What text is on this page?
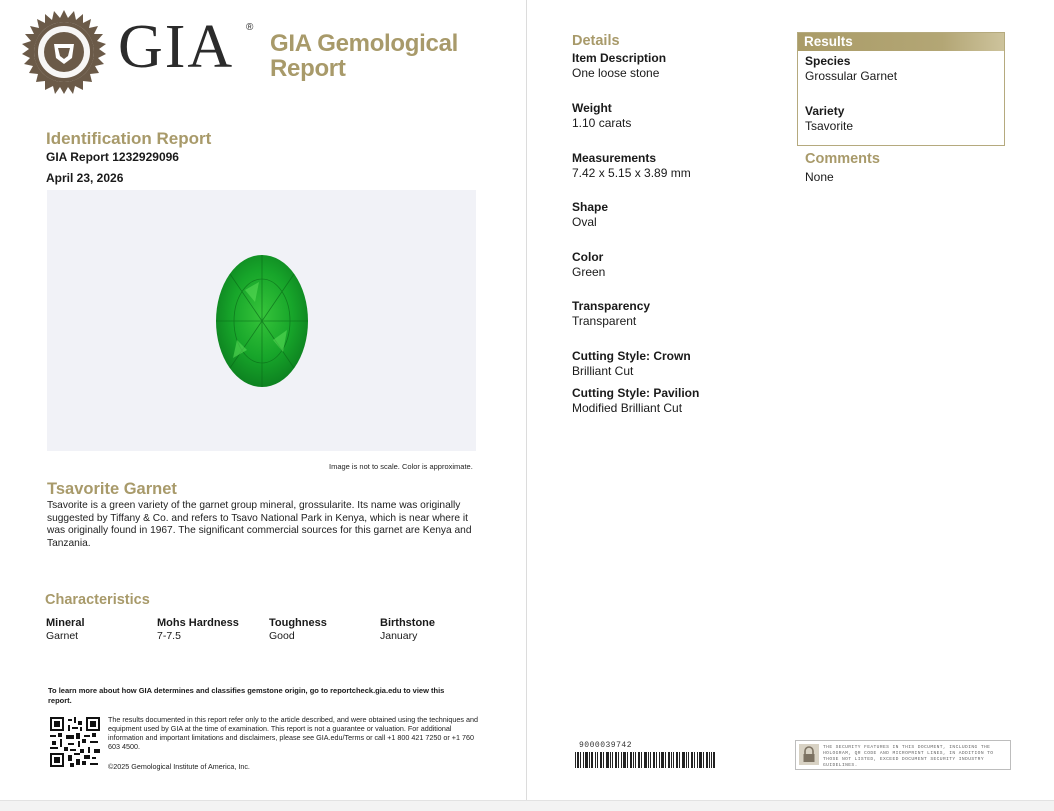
GIA ®
GIA Gemological
Report
Identification Report
GIA Report 1232929096
April 23, 2026
Image is not to scale. Color is approximate.
Tsavorite Garnet
Tsavorite is a green variety of the garnet group mineral, grossularite. Its name was originally suggested by Tiffany & Co. and refers to Tsavo National Park in Kenya, which is near where it was originally found in 1967. The significant commercial sources for this garnet are Kenya and Tanzania.
Characteristics
Mineral
Garnet
Mohs Hardness
7-7.5
Toughness
Good
Birthstone
January
To learn more about how GIA determines and classifies gemstone origin, go to reportcheck.gia.edu to view this report.
The results documented in this report refer only to the article described, and were obtained using the techniques and equipment used by GIA at the time of examination. This report is not a guarantee or valuation. For additional information and important limitations and disclaimers, please see GIA.edu/Terms or call +1 800 421 7250 or +1 760 603 4500.
©2025 Gemological Institute of America, Inc.
Details
Item Description
One loose stone
Weight
1.10 carats
Measurements
7.42 x 5.15 x 3.89 mm
Shape
Oval
Color
Green
Transparency
Transparent
Cutting Style: Crown
Brilliant Cut
Cutting Style: Pavilion
Modified Brilliant Cut
Results
Species
Grossular Garnet
Variety
Tsavorite
Comments
None
9000039742	THE SECURITY FEATURES IN THIS DOCUMENT, INCLUDING THE HOLOGRAM, QR CODE AND MICROPRINT LINES, IN ADDITION TO THOSE NOT LISTED, EXCEED DOCUMENT SECURITY INDUSTRY GUIDELINES.
